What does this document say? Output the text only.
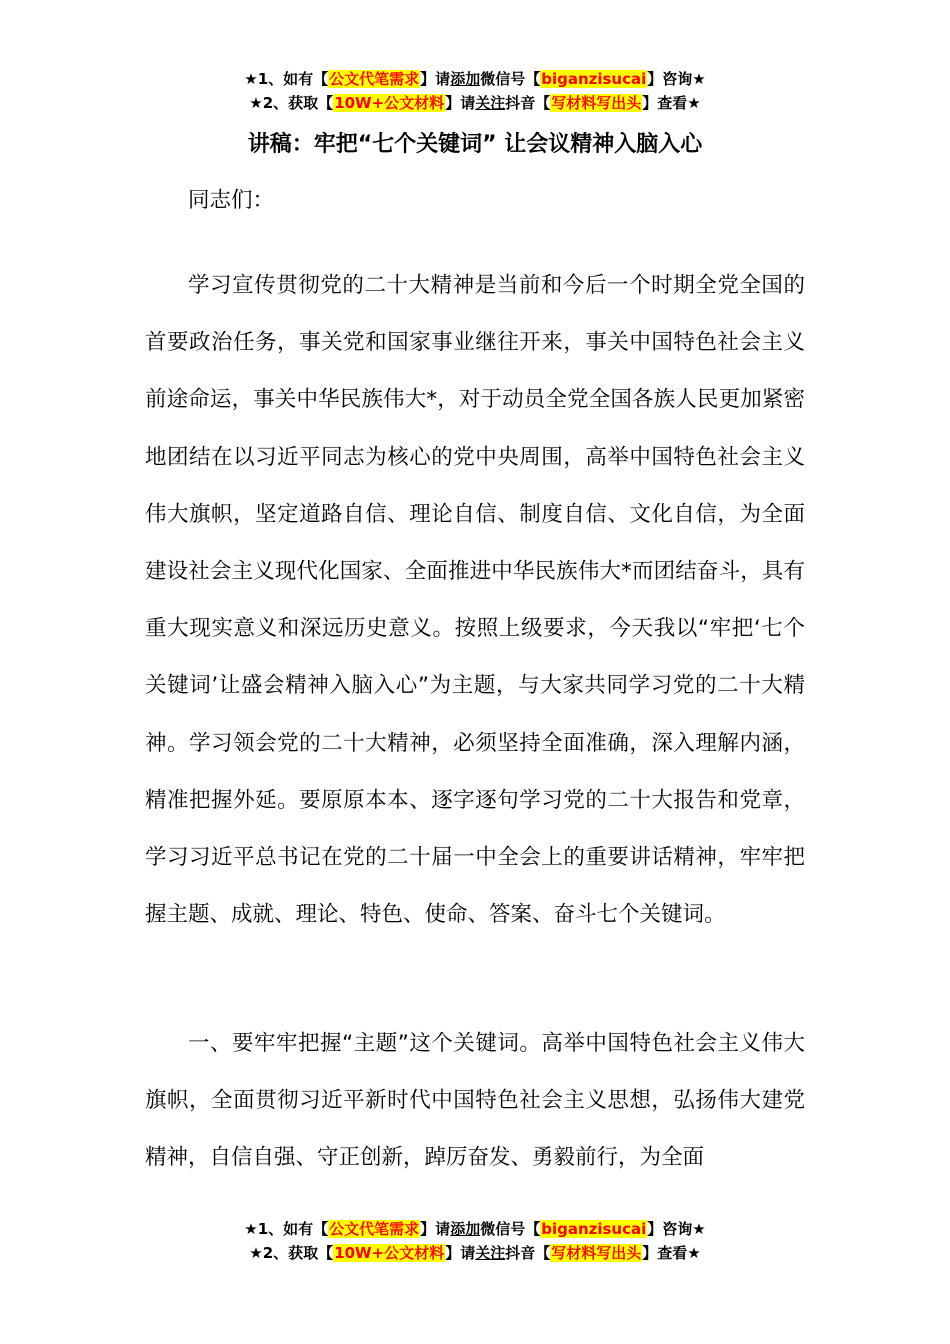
★1、如有【公文代笔需求】请添加微信号【biganzisucai】咨询★
★2、获取【10W+公文材料】请关注抖音【写材料写出头】查看★
讲稿：牢把“七个关键词” 让会议精神入脑入心

同志们：

学习宣传贯彻党的二十大精神是当前和今后一个时期全党全国的首要政治任务，事关党和国家事业继往开来，事关中国特色社会主义前途命运，事关中华民族伟大*，对于动员全党全国各族人民更加紧密地团结在以习近平同志为核心的党中央周围，高举中国特色社会主义伟大旗帜，坚定道路自信、理论自信、制度自信、文化自信，为全面建设社会主义现代化国家、全面推进中华民族伟大*而团结奋斗，具有重大现实意义和深远历史意义。按照上级要求，今天我以“牢把‘七个关键词’让盛会精神入脑入心”为主题，与大家共同学习党的二十大精神。学习领会党的二十大精神，必须坚持全面准确，深入理解内涵，精准把握外延。要原原本本、逐字逐句学习党的二十大报告和党章，学习习近平总书记在党的二十届一中全会上的重要讲话精神，牢牢把握主题、成就、理论、特色、使命、答案、奋斗七个关键词。

一、要牢牢把握“主题”这个关键词。高举中国特色社会主义伟大旗帜，全面贯彻习近平新时代中国特色社会主义思想，弘扬伟大建党精神，自信自强、守正创新，踔厉奋发、勇毅前行，为全面

★1、如有【公文代笔需求】请添加微信号【biganzisucai】咨询★
★2、获取【10W+公文材料】请关注抖音【写材料写出头】查看★
